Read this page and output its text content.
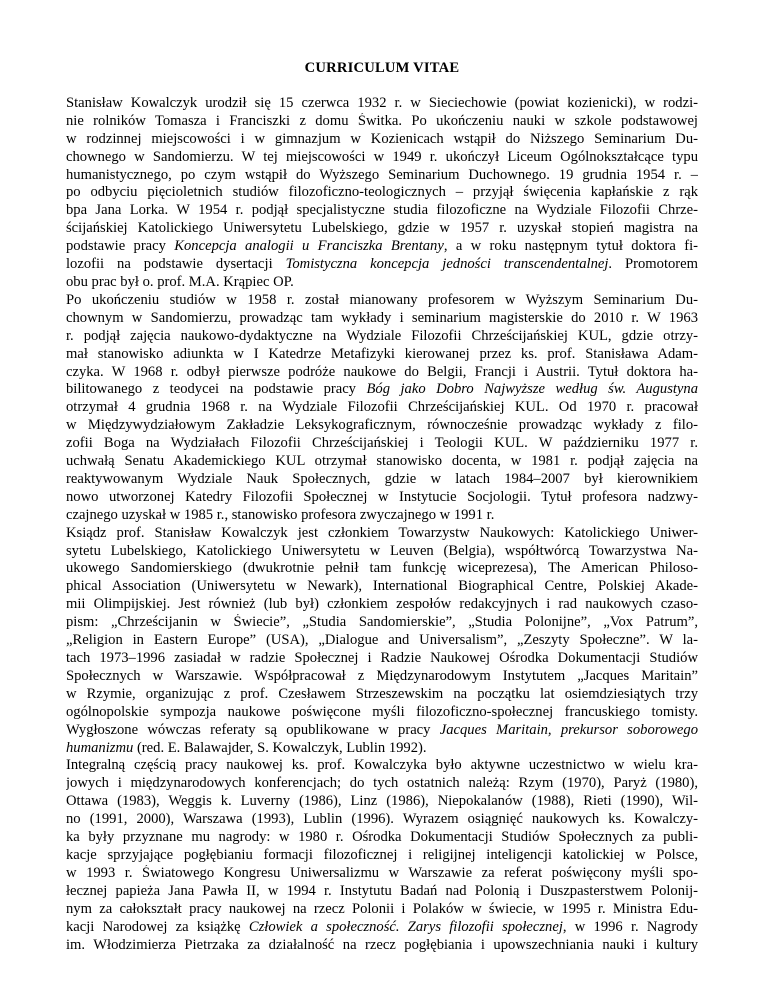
CURRICULUM VITAE
Stanisław Kowalczyk urodził się 15 czerwca 1932 r. w Sieciechowie (powiat kozienicki), w rodzi-
nie rolników Tomasza i Franciszki z domu Świtka. Po ukończeniu nauki w szkole podstawowej
w rodzinnej miejscowości i w gimnazjum w Kozienicach wstąpił do Niższego Seminarium Du-
chownego w Sandomierzu. W tej miejscowości w 1949 r. ukończył Liceum Ogólnokształcące typu
humanistycznego, po czym wstąpił do Wyższego Seminarium Duchownego. 19 grudnia 1954 r. –
po odbyciu pięcioletnich studiów filozoficzno-teologicznych – przyjął święcenia kapłańskie z rąk
bpa Jana Lorka. W 1954 r. podjął specjalistyczne studia filozoficzne na Wydziale Filozofii Chrze-
ścijańskiej Katolickiego Uniwersytetu Lubelskiego, gdzie w 1957 r. uzyskał stopień magistra na
podstawie pracy Koncepcja analogii u Franciszka Brentany, a w roku następnym tytuł doktora fi-
lozofii na podstawie dysertacji Tomistyczna koncepcja jedności transcendentalnej. Promotorem
obu prac był o. prof. M.A. Krąpiec OP.
Po ukończeniu studiów w 1958 r. został mianowany profesorem w Wyższym Seminarium Du-
chownym w Sandomierzu, prowadząc tam wykłady i seminarium magisterskie do 2010 r. W 1963
r. podjął zajęcia naukowo-dydaktyczne na Wydziale Filozofii Chrześcijańskiej KUL, gdzie otrzy-
mał stanowisko adiunkta w I Katedrze Metafizyki kierowanej przez ks. prof. Stanisława Adam-
czyka. W 1968 r. odbył pierwsze podróże naukowe do Belgii, Francji i Austrii. Tytuł doktora ha-
bilitowanego z teodycei na podstawie pracy Bóg jako Dobro Najwyższe według św. Augustyna
otrzymał 4 grudnia 1968 r. na Wydziale Filozofii Chrześcijańskiej KUL. Od 1970 r. pracował
w Międzywydziałowym Zakładzie Leksykograficznym, równocześnie prowadząc wykłady z filo-
zofii Boga na Wydziałach Filozofii Chrześcijańskiej i Teologii KUL. W październiku 1977 r.
uchwałą Senatu Akademickiego KUL otrzymał stanowisko docenta, w 1981 r. podjął zajęcia na
reaktywowanym Wydziale Nauk Społecznych, gdzie w latach 1984–2007 był kierownikiem
nowo utworzonej Katedry Filozofii Społecznej w Instytucie Socjologii. Tytuł profesora nadzwy-
czajnego uzyskał w 1985 r., stanowisko profesora zwyczajnego w 1991 r.
Ksiądz prof. Stanisław Kowalczyk jest członkiem Towarzystw Naukowych: Katolickiego Uniwer-
sytetu Lubelskiego, Katolickiego Uniwersytetu w Leuven (Belgia), współtwórcą Towarzystwa Na-
ukowego Sandomierskiego (dwukrotnie pełnił tam funkcję wiceprezesa), The American Philoso-
phical Association (Uniwersytetu w Newark), International Biographical Centre, Polskiej Akade-
mii Olimpijskiej. Jest również (lub był) członkiem zespołów redakcyjnych i rad naukowych czaso-
pism: „Chrześcijanin w Świecie”, „Studia Sandomierskie”, „Studia Polonijne”, „Vox Patrum”,
„Religion in Eastern Europe” (USA), „Dialogue and Universalism”, „Zeszyty Społeczne”. W la-
tach 1973–1996 zasiadał w radzie Społecznej i Radzie Naukowej Ośrodka Dokumentacji Studiów
Społecznych w Warszawie. Współpracował z Międzynarodowym Instytutem „Jacques Maritain”
w Rzymie, organizując z prof. Czesławem Strzeszewskim na początku lat osiemdziesiątych trzy
ogólnopolskie sympozja naukowe poświęcone myśli filozoficzno-społecznej francuskiego tomisty.
Wygłoszone wówczas referaty są opublikowane w pracy Jacques Maritain, prekursor soborowego
humanizmu (red. E. Balawajder, S. Kowalczyk, Lublin 1992).
Integralną częścią pracy naukowej ks. prof. Kowalczyka było aktywne uczestnictwo w wielu kra-
jowych i międzynarodowych konferencjach; do tych ostatnich należą: Rzym (1970), Paryż (1980),
Ottawa (1983), Weggis k. Luverny (1986), Linz (1986), Niepokalanów (1988), Rieti (1990), Wil-
no (1991, 2000), Warszawa (1993), Lublin (1996). Wyrazem osiągnięć naukowych ks. Kowalczy-
ka były przyznane mu nagrody: w 1980 r. Ośrodka Dokumentacji Studiów Społecznych za publi-
kacje sprzyjające pogłębianiu formacji filozoficznej i religijnej inteligencji katolickiej w Polsce,
w 1993 r. Światowego Kongresu Uniwersalizmu w Warszawie za referat poświęcony myśli spo-
łecznej papieża Jana Pawła II, w 1994 r. Instytutu Badań nad Polonią i Duszpasterstwem Polonij-
nym za całokształt pracy naukowej na rzecz Polonii i Polaków w świecie, w 1995 r. Ministra Edu-
kacji Narodowej za książkę Człowiek a społeczność. Zarys filozofii społecznej, w 1996 r. Nagrody
im. Włodzimierza Pietrzaka za działalność na rzecz pogłębiania i upowszechniania nauki i kultury
